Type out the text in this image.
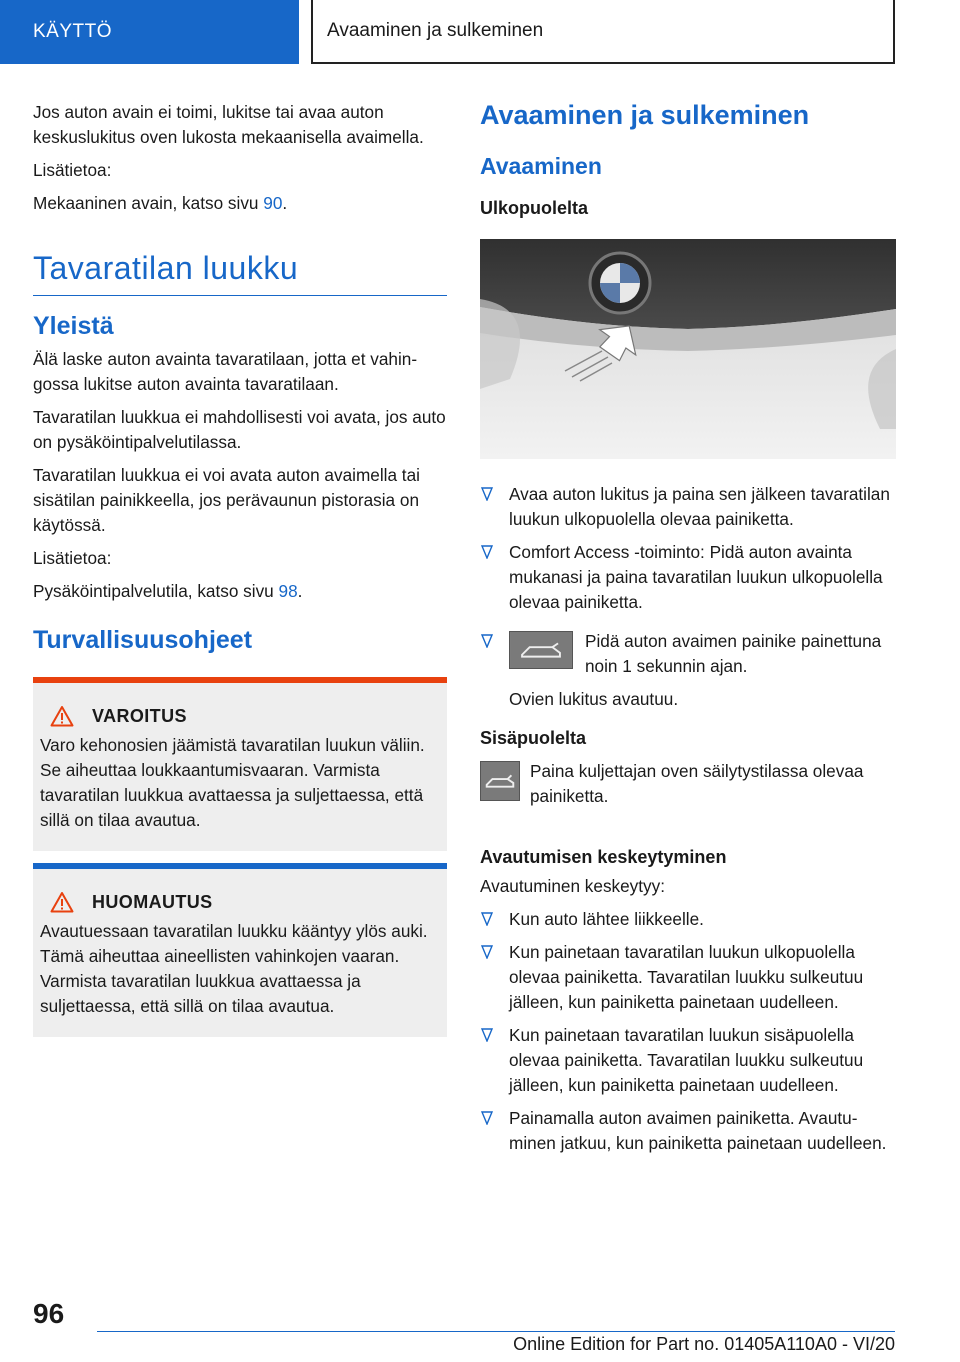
KÄYTTÖ	Avaaminen ja sulkeminen

Jos auton avain ei toimi, lukitse tai avaa auton keskuslukitus oven lukosta mekaanisella avaimella.

Lisätietoa:

Mekaaninen avain, katso sivu 90.

Tavaratilan luukku
Yleistä

Älä laske auton avainta tavaratilaan, jotta et vahingossa lukitse auton avainta tavaratilaan.

Tavaratilan luukkua ei mahdollisesti voi avata, jos auto on pysäköintipalvelutilassa.

Tavaratilan luukkua ei voi avata auton avaimella tai sisätilan painikkeella, jos perävaunun pistorasia on käytössä.

Lisätietoa:

Pysäköintipalvelutila, katso sivu 98.

Turvallisuusohjeet
VAROITUS

Varo kehonosien jäämistä tavaratilan luukun väliin. Se aiheuttaa loukkaantumisvaaran. Varmista tavaratilan luukkua avattaessa ja suljettaessa, että sillä on tilaa avautua.

HUOMAUTUS

Avautuessaan tavaratilan luukku kääntyy ylös auki. Tämä aiheuttaa aineellisten vahinkojen vaaran. Varmista tavaratilan luukkua avattaessa ja suljettaessa, että sillä on tilaa avautua.

Avaaminen ja sulkeminen
Avaaminen
Ulkopuolelta
Avaa auton lukitus ja paina sen jälkeen tavaratilan luukun ulkopuolella olevaa painiketta.
Comfort Access -toiminto: Pidä auton avainta mukanasi ja paina tavaratilan luukun ulkopuolella olevaa painiketta.
Pidä auton avaimen painike painettuna noin 1 sekunnin ajan.

Ovien lukitus avautuu.

Sisäpuolelta

Paina kuljettajan oven säilytystilassa olevaa painiketta.

Avautumisen keskeytyminen

Avautuminen keskeytyy:

Kun auto lähtee liikkeelle.
Kun painetaan tavaratilan luukun ulkopuolella olevaa painiketta. Tavaratilan luukku sulkeutuu jälleen, kun painiketta painetaan uudelleen.
Kun painetaan tavaratilan luukun sisäpuolella olevaa painiketta. Tavaratilan luukku sulkeutuu jälleen, kun painiketta painetaan uudelleen.
Painamalla auton avaimen painiketta. Avautuminen jatkuu, kun painiketta painetaan uudelleen.
96
Online Edition for Part no. 01405A110A0 - VI/20
